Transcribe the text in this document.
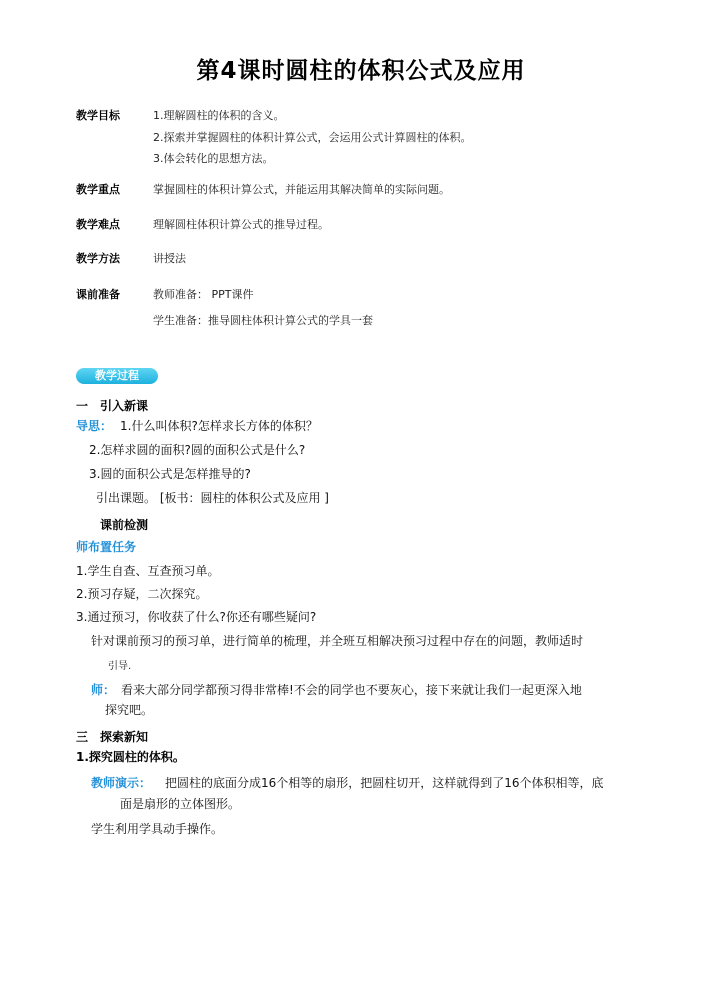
第4课时圆柱的体积公式及应用
教学目标	1.理解圆柱的体积的含义。
2.探索并掌握圆柱的体积计算公式，会运用公式计算圆柱的体积。
3.体会转化的思想方法。
教学重点	掌握圆柱的体积计算公式，并能运用其解决简单的实际问题。
教学难点	理解圆柱体积计算公式的推导过程。
教学方法	讲授法
课前准备	教师准备： PPT课件
学生准备：推导圆柱体积计算公式的学具一套
教学过程
一　引入新课
导思： 1.什么叫体积?怎样求长方体的体积？
2.怎样求圆的面积?圆的面积公式是什么?
3.圆的面积公式是怎样推导的?
引出课题。 [板书：圆柱的体积公式及应用 ]
课前检测
师布置任务
1.学生自查、互查预习单。
2.预习存疑，二次探究。
3.通过预习，你收获了什么?你还有哪些疑问?
针对课前预习的预习单，进行简单的梳理，并全班互相解决预习过程中存在的问题，教师适时
引导.
师： 看来大部分同学都预习得非常棒!不会的同学也不要灰心，接下来就让我们一起更深入地
探究吧。
三　探索新知
1.探究圆柱的体积。
教师演示： 把圆柱的底面分成16个相等的扇形，把圆柱切开，这样就得到了16个体积相等，底
面是扇形的立体图形。
学生利用学具动手操作。
